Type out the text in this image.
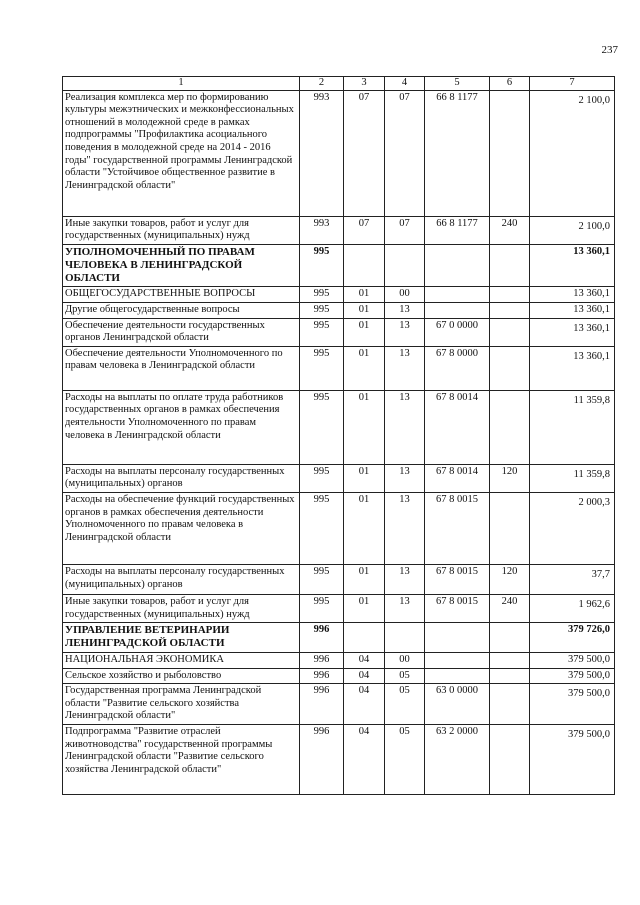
237
1	2	3	4	5	6	7
Реализация комплекса мер по формированию культуры межэтнических и межконфессиональных отношений в молодежной среде в рамках подпрограммы "Профилактика асоциального поведения в молодежной среде на 2014 - 2016 годы" государственной программы Ленинградской области "Устойчивое общественное развитие в Ленинградской области"	993	07	07	66 8 1177		2 100,0
Иные закупки товаров, работ и услуг для государственных (муниципальных) нужд	993	07	07	66 8 1177	240	2 100,0
УПОЛНОМОЧЕННЫЙ ПО ПРАВАМ ЧЕЛОВЕКА В ЛЕНИНГРАДСКОЙ ОБЛАСТИ	995					13 360,1
ОБЩЕГОСУДАРСТВЕННЫЕ ВОПРОСЫ	995	01	00			13 360,1
Другие общегосударственные вопросы	995	01	13			13 360,1
Обеспечение деятельности государственных органов Ленинградской области	995	01	13	67 0 0000		13 360,1
Обеспечение деятельности Уполномоченного по правам человека в Ленинградской области	995	01	13	67 8 0000		13 360,1
Расходы на выплаты по оплате труда работников государственных органов в рамках обеспечения деятельности Уполномоченного по правам человека в Ленинградской области	995	01	13	67 8 0014		11 359,8
Расходы на выплаты персоналу государственных (муниципальных) органов	995	01	13	67 8 0014	120	11 359,8
Расходы на обеспечение функций государственных органов в рамках обеспечения деятельности Уполномоченного по правам человека в Ленинградской области	995	01	13	67 8 0015		2 000,3
Расходы на выплаты персоналу государственных (муниципальных) органов	995	01	13	67 8 0015	120	37,7
Иные закупки товаров, работ и услуг для государственных (муниципальных) нужд	995	01	13	67 8 0015	240	1 962,6
УПРАВЛЕНИЕ ВЕТЕРИНАРИИ ЛЕНИНГРАДСКОЙ ОБЛАСТИ	996					379 726,0
НАЦИОНАЛЬНАЯ ЭКОНОМИКА	996	04	00			379 500,0
Сельское хозяйство и рыболовство	996	04	05			379 500,0
Государственная программа Ленинградской области "Развитие сельского хозяйства Ленинградской области"	996	04	05	63 0 0000		379 500,0
Подпрограмма "Развитие отраслей животноводства" государственной программы Ленинградской области "Развитие сельского хозяйства Ленинградской области"	996	04	05	63 2 0000		379 500,0
